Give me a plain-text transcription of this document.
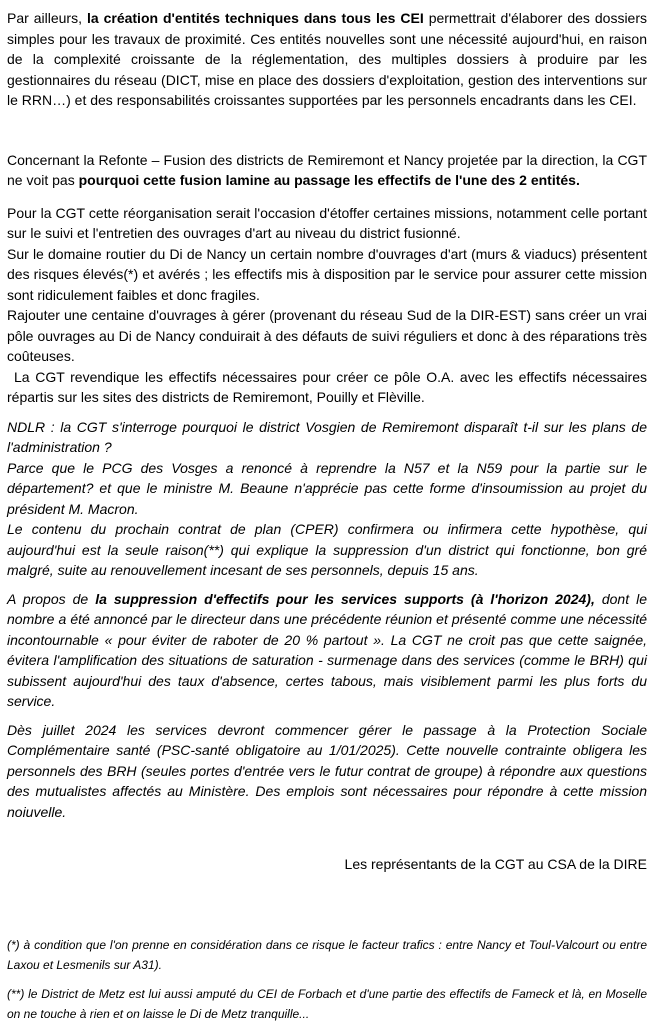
Par ailleurs, la création d'entités techniques dans tous les CEI permettrait d'élaborer des dossiers simples pour les travaux de proximité. Ces entités nouvelles sont une nécessité aujourd'hui, en raison de la complexité croissante de la réglementation, des multiples dossiers à produire par les gestionnaires du réseau (DICT, mise en place des dossiers d'exploitation, gestion des interventions sur le RRN…) et des responsabilités croissantes supportées par les personnels encadrants dans les CEI.

Concernant la Refonte – Fusion des districts de Remiremont et Nancy projetée par la direction, la CGT ne voit pas pourquoi cette fusion lamine au passage les effectifs de l'une des 2 entités.

Pour la CGT cette réorganisation serait l'occasion d'étoffer certaines missions, notamment celle portant sur le suivi et l'entretien des ouvrages d'art au niveau du district fusionné.

Sur le domaine routier du Di de Nancy un certain nombre d'ouvrages d'art (murs & viaducs) présentent des risques élevés(*) et avérés ; les effectifs mis à disposition par le service pour assurer cette mission sont ridiculement faibles et donc fragiles.

Rajouter une centaine d'ouvrages à gérer (provenant du réseau Sud de la DIR-EST) sans créer un vrai pôle ouvrages au Di de Nancy conduirait à des défauts de suivi réguliers et donc à des réparations très coûteuses.

La CGT revendique les effectifs nécessaires pour créer ce pôle O.A. avec les effectifs nécessaires répartis sur les sites des districts de Remiremont, Pouilly et Flèville.

NDLR : la CGT s'interroge pourquoi le district Vosgien de Remiremont disparaît t-il sur les plans de l'administration ?

Parce que le PCG des Vosges a renoncé à reprendre la N57 et la N59 pour la partie sur le département? et que le ministre M. Beaune n'apprécie pas cette forme d'insoumission au projet du président M. Macron.

Le contenu du prochain contrat de plan (CPER) confirmera ou infirmera cette hypothèse, qui aujourd'hui est la seule raison(**) qui explique la suppression d'un district qui fonctionne, bon gré malgré, suite au renouvellement incesant de ses personnels, depuis 15 ans.

A propos de la suppression d'effectifs pour les services supports (à l'horizon 2024), dont le nombre a été annoncé par le directeur dans une précédente réunion et présenté comme une nécessité incontournable « pour éviter de raboter de 20 % partout ». La CGT ne croit pas que cette saignée, évitera l'amplification des situations de saturation - surmenage dans des services (comme le BRH) qui subissent aujourd'hui des taux d'absence, certes tabous, mais visiblement parmi les plus forts du service.

Dès juillet 2024 les services devront commencer gérer le passage à la Protection Sociale Complémentaire santé (PSC-santé obligatoire au 1/01/2025). Cette nouvelle contrainte obligera les personnels des BRH (seules portes d'entrée vers le futur contrat de groupe) à répondre aux questions des mutualistes affectés au Ministère. Des emplois sont nécessaires pour répondre à cette mission noiuvelle.

Les représentants de la CGT au CSA de la DIRE

(*) à condition que l'on prenne en considération dans ce risque le facteur trafics : entre Nancy et Toul-Valcourt ou entre Laxou et Lesmenils sur A31).

(**) le District de Metz est lui aussi amputé du CEI de Forbach et d'une partie des effectifs de Fameck et là, en Moselle on ne touche à rien et on laisse le Di de Metz tranquille...
